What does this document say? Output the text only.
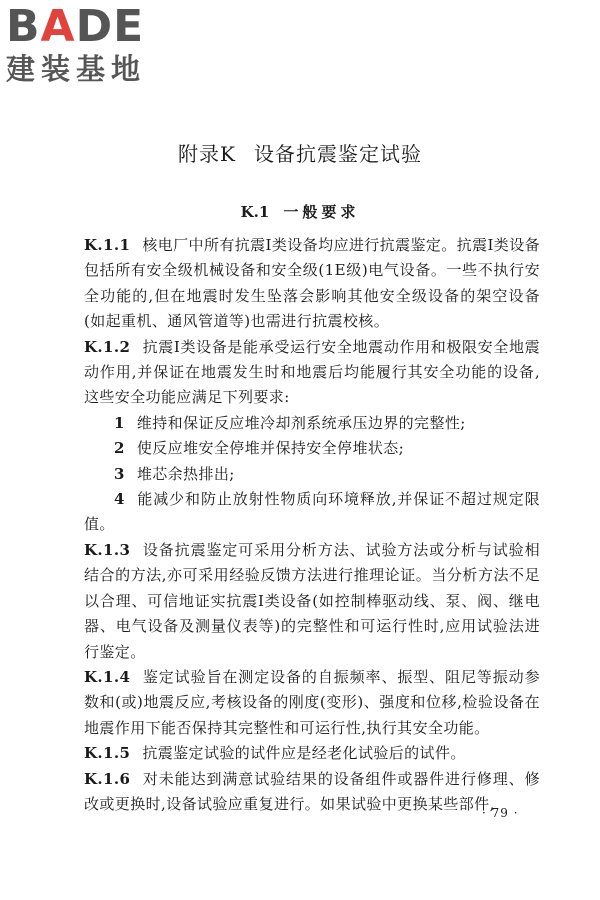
BADE
建装基地
附录K 设备抗震鉴定试验
K.1 一般要求

K.1.1 核电厂中所有抗震Ⅰ类设备均应进行抗震鉴定。抗震Ⅰ类设备包括所有安全级机械设备和安全级(1E级)电气设备。一些不执行安全功能的,但在地震时发生坠落会影响其他安全级设备的架空设备(如起重机、通风管道等)也需进行抗震校核。

K.1.2 抗震Ⅰ类设备是能承受运行安全地震动作用和极限安全地震动作用,并保证在地震发生时和地震后均能履行其安全功能的设备,这些安全功能应满足下列要求:

1 维持和保证反应堆冷却剂系统承压边界的完整性;

2 使反应堆安全停堆并保持安全停堆状态;

3 堆芯余热排出;

4 能减少和防止放射性物质向环境释放,并保证不超过规定限值。

K.1.3 设备抗震鉴定可采用分析方法、试验方法或分析与试验相结合的方法,亦可采用经验反馈方法进行推理论证。当分析方法不足以合理、可信地证实抗震Ⅰ类设备(如控制棒驱动线、泵、阀、继电器、电气设备及测量仪表等)的完整性和可运行性时,应用试验法进行鉴定。

K.1.4 鉴定试验旨在测定设备的自振频率、振型、阻尼等振动参数和(或)地震反应,考核设备的刚度(变形)、强度和位移,检验设备在地震作用下能否保持其完整性和可运行性,执行其安全功能。

K.1.5 抗震鉴定试验的试件应是经老化试验后的试件。

K.1.6 对未能达到满意试验结果的设备组件或器件进行修理、修改或更换时,设备试验应重复进行。如果试验中更换某些部件,

· 79 ·
